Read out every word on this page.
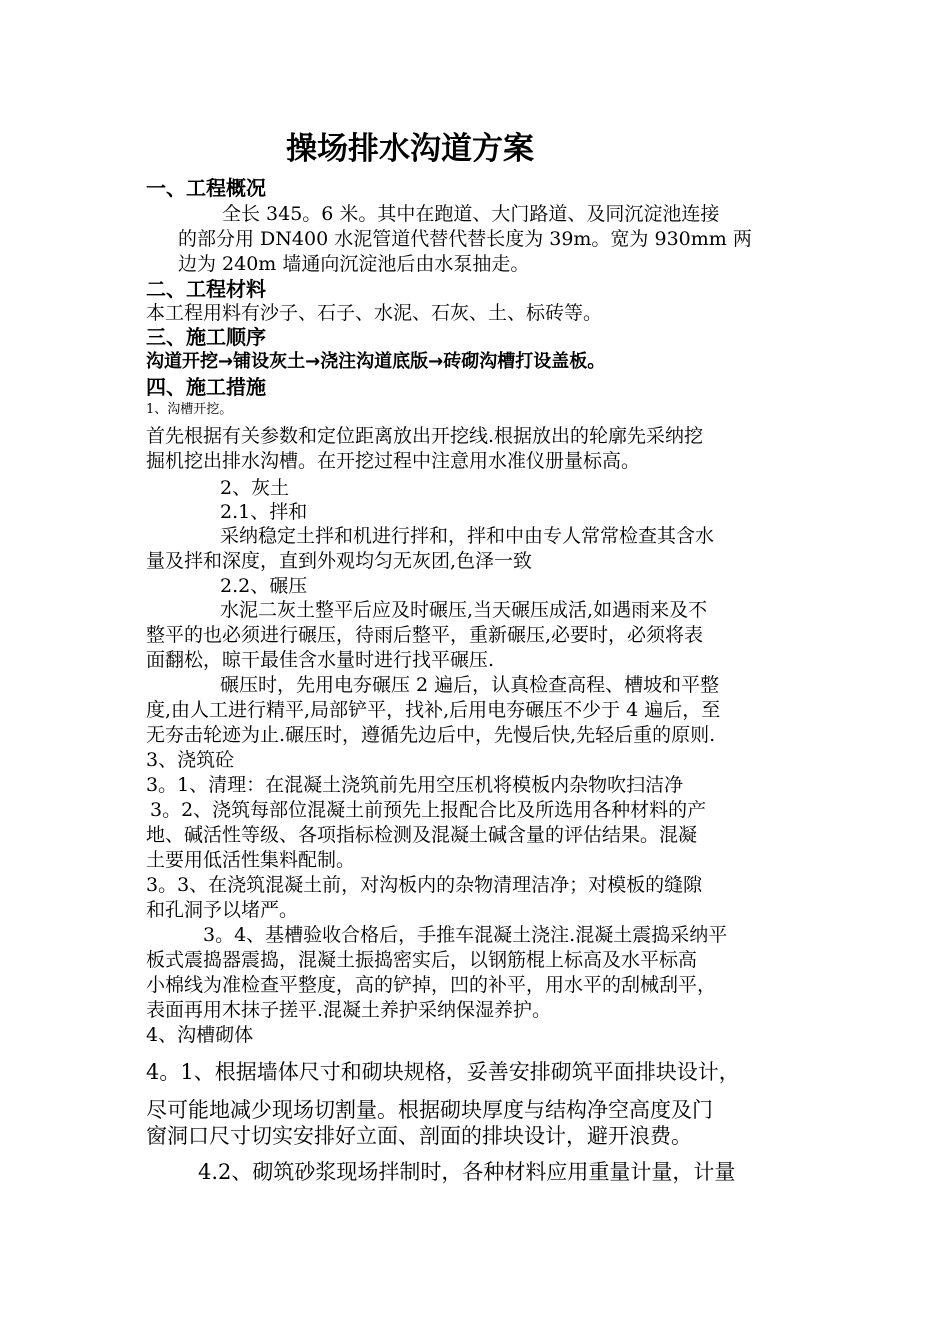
操场排水沟道方案
一、工程概况
全长 345。6 米。其中在跑道、大门路道、及同沉淀池连接
的部分用 DN400 水泥管道代替代替长度为 39m。宽为 930mm 两
边为 240m 墙通向沉淀池后由水泵抽走。
二、工程材料
本工程用料有沙子、石子、水泥、石灰、土、标砖等。
三、施工顺序
沟道开挖→铺设灰土→浇注沟道底版→砖砌沟槽打设盖板。
四、施工措施
1、沟槽开挖。
首先根据有关参数和定位距离放出开挖线.根据放出的轮廓先采纳挖
掘机挖出排水沟槽。在开挖过程中注意用水准仪册量标高。
2、灰土
2.1、拌和
采纳稳定土拌和机进行拌和，拌和中由专人常常检查其含水
量及拌和深度，直到外观均匀无灰团,色泽一致
2.2、碾压
水泥二灰土整平后应及时碾压,当天碾压成活,如遇雨来及不
整平的也必须进行碾压，待雨后整平，重新碾压,必要时，必须将表
面翻松，晾干最佳含水量时进行找平碾压.
碾压时，先用电夯碾压 2 遍后，认真检查高程、槽坡和平整
度,由人工进行精平,局部铲平，找补,后用电夯碾压不少于 4 遍后，至
无夯击轮迹为止.碾压时，遵循先边后中，先慢后快,先轻后重的原则.
3、浇筑砼
3。1、清理：在混凝土浇筑前先用空压机将模板内杂物吹扫洁净
3。2、浇筑每部位混凝土前预先上报配合比及所选用各种材料的产
地、碱活性等级、各项指标检测及混凝土碱含量的评估结果。混凝
土要用低活性集料配制。
3。3、在浇筑混凝土前，对沟板内的杂物清理洁净；对模板的缝隙
和孔洞予以堵严。
3。4、基槽验收合格后，手推车混凝土浇注.混凝土震捣采纳平
板式震捣器震捣，混凝土振捣密实后，以钢筋棍上标高及水平标高
小棉线为准检查平整度，高的铲掉，凹的补平，用水平的刮械刮平，
表面再用木抹子搓平.混凝土养护采纳保湿养护。
4、沟槽砌体
4。1、根据墙体尺寸和砌块规格，妥善安排砌筑平面排块设计，
尽可能地减少现场切割量。根据砌块厚度与结构净空高度及门
窗洞口尺寸切实安排好立面、剖面的排块设计，避开浪费。
4.2、砌筑砂浆现场拌制时，各种材料应用重量计量，计量
